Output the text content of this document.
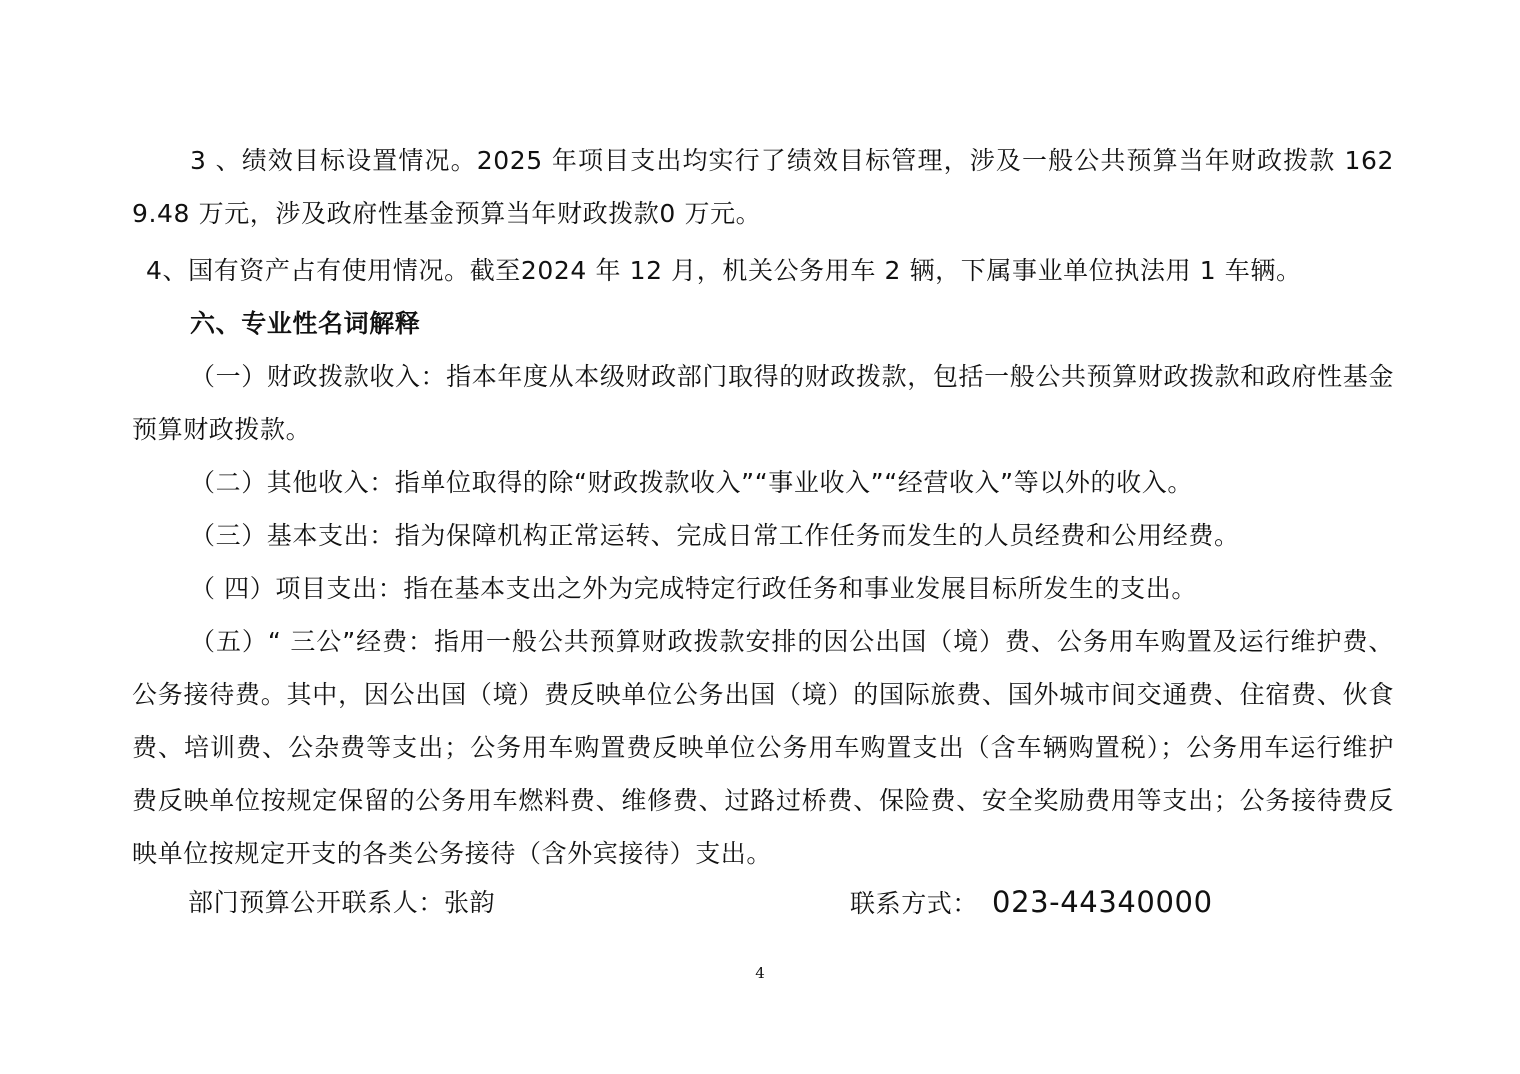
3 、绩效目标设置情况。2025 年项目支出均实行了绩效目标管理，涉及一般公共预算当年财政拨款 1629.48 万元，涉及政府性基金预算当年财政拨款0 万元。

4、国有资产占有使用情况。截至2024 年 12 月，机关公务用车 2 辆，下属事业单位执法用 1 车辆。

六、专业性名词解释

（一）财政拨款收入：指本年度从本级财政部门取得的财政拨款，包括一般公共预算财政拨款和政府性基金预算财政拨款。

（二）其他收入：指单位取得的除“财政拨款收入”“事业收入”“经营收入”等以外的收入。

（三）基本支出：指为保障机构正常运转、完成日常工作任务而发生的人员经费和公用经费。

（ 四）项目支出：指在基本支出之外为完成特定行政任务和事业发展目标所发生的支出。

（五）“ 三公”经费：指用一般公共预算财政拨款安排的因公出国（境）费、公务用车购置及运行维护费、公务接待费。其中，因公出国（境）费反映单位公务出国（境）的国际旅费、国外城市间交通费、住宿费、伙食费、培训费、公杂费等支出；公务用车购置费反映单位公务用车购置支出（含车辆购置税）；公务用车运行维护费反映单位按规定保留的公务用车燃料费、维修费、过路过桥费、保险费、安全奖励费用等支出；公务接待费反映单位按规定开支的各类公务接待（含外宾接待）支出。

部门预算公开联系人：张韵	联系方式： 023-44340000
4
